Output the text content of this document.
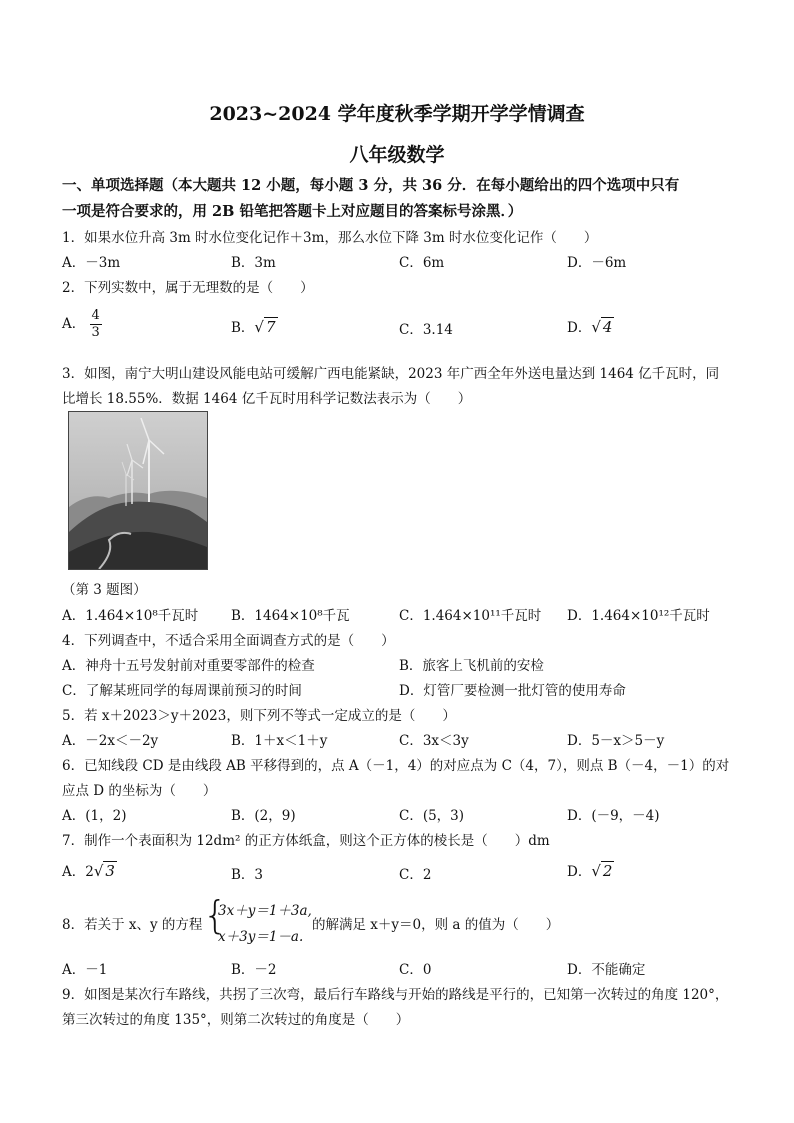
2023~2024 学年度秋季学期开学学情调查
八年级数学
一、单项选择题（本大题共 12 小题，每小题 3 分，共 36 分．在每小题给出的四个选项中只有
一项是符合要求的，用 2B 铅笔把答题卡上对应题目的答案标号涂黑．）
1．如果水位升高 3m 时水位变化记作＋3m，那么水位下降 3m 时水位变化记作（　　）
A．－3m	B．3m	C．6m	D．－6m
2．下列实数中，属于无理数的是（　　）
A． $\frac{4}{3}$	B．√ 7	C．3.14	D．√ 4
3．如图，南宁大明山建设风能电站可缓解广西电能紧缺，2023 年广西全年外送电量达到 1464 亿千瓦时，同
比增长 18.55%．数据 1464 亿千瓦时用科学记数法表示为（　　）
（第 3 题图）
A．1.464×10⁸千瓦时 B．1464×10⁸千瓦	C．1.464×10¹¹千瓦时 D．1.464×10¹²千瓦时
4．下列调查中，不适合采用全面调查方式的是（　　）
A．神舟十五号发射前对重要零部件的检查	B．旅客上飞机前的安检
C．了解某班同学的每周课前预习的时间	D．灯管厂要检测一批灯管的使用寿命
5．若 x＋2023＞y＋2023，则下列不等式一定成立的是（　　）
A．－2x＜－2y	B．1＋x＜1＋y	C．3x＜3y	D．5－x＞5－y
6．已知线段 CD 是由线段 AB 平移得到的，点 A（－1，4）的对应点为 C（4，7），则点 B（－4，－1）的对
应点 D 的坐标为（　　）
A．(1，2)	B．(2，9)	C．(5，3)	D．(－9，－4)
7．制作一个表面积为 12dm² 的正方体纸盒，则这个正方体的棱长是（　　）dm
A．2√ 3	B．3	C．2	D．√ 2
8．若关于 x、y 的方程 {
3x＋y＝1＋3a,
x＋3y＝1－a.
的解满足 x＋y＝0，则 a 的值为（　　）
A．－1	B．－2	C．0	D．不能确定
9．如图是某次行车路线，共拐了三次弯，最后行车路线与开始的路线是平行的，已知第一次转过的角度 120°，
第三次转过的角度 135°，则第二次转过的角度是（　　）
